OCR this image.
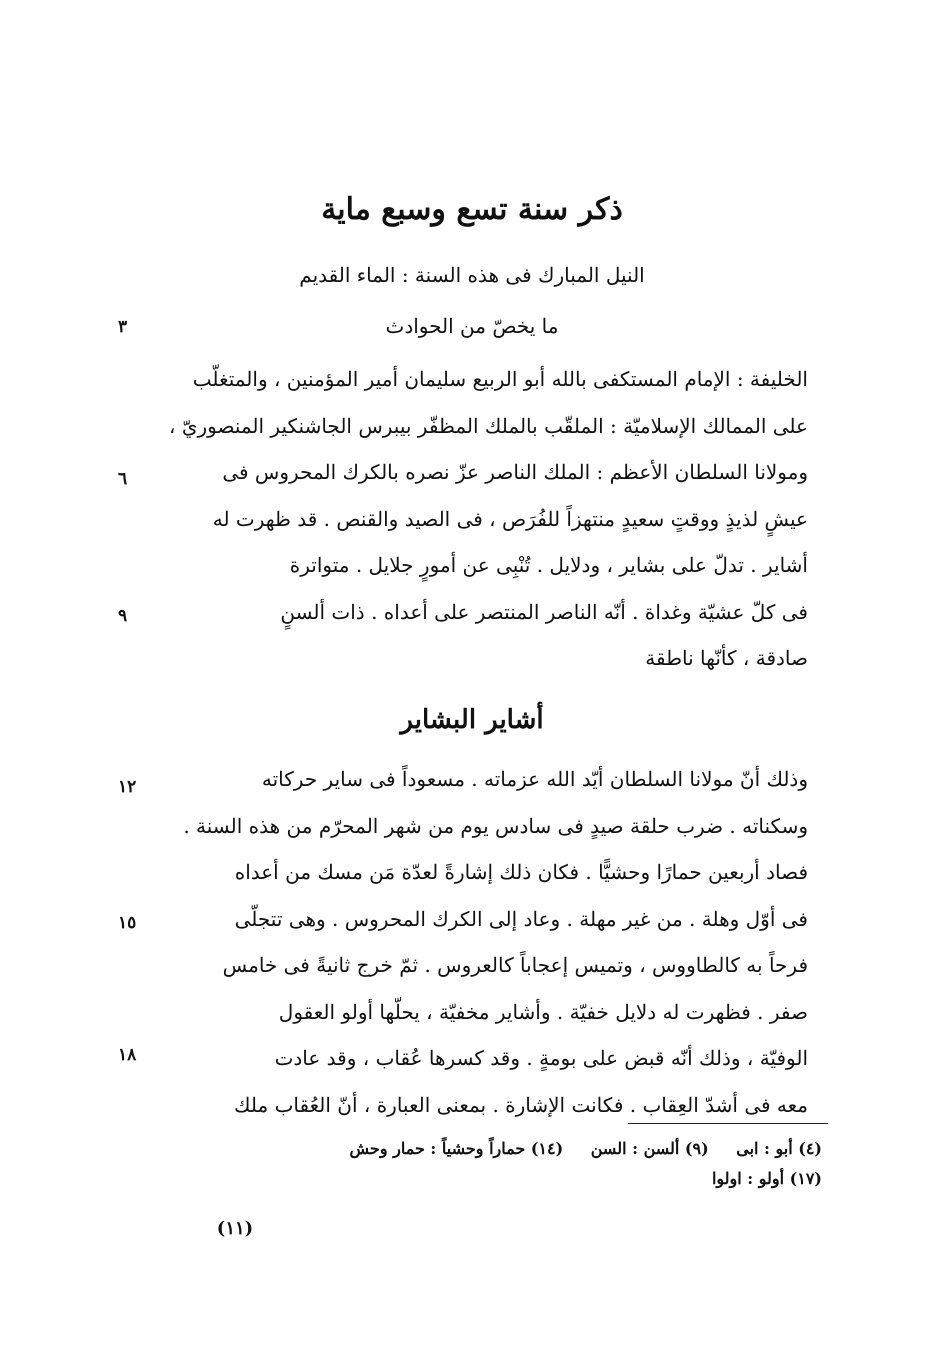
ذكر سنة تسع وسبع ماية
النيل المبارك فى هذه السنة : الماء القديم
ما يخصّ من الحوادث
٣
٦
٩
١٢
١٥
١٨
الخليفة : الإمام المستكفى بالله أبو الربيع سليمان أمير المؤمنين ، والمتغلّب
على الممالك الإسلاميّة : الملقّب بالملك المظفّر بيبرس الجاشنكير المنصوريّ ،
ومولانا السلطان الأعظم : الملك الناصر عزّ نصره بالكرك المحروس فى
عيشٍ لذيذٍ ووقتٍ سعيدٍ منتهزاً للفُرَص ، فى الصيد والقنص . قد ظهرت له
أشاير . تدلّ على بشاير ، ودلايل . تُنْبِى عن أمورٍ جلايل . متواترة
فى كلّ عشيّة وغداة . أنّه الناصر المنتصر على أعداه . ذات ألسنٍ
صادقة ، كأنّها ناطقة
أشاير البشاير
وذلك أنّ مولانا السلطان أيّد الله عزماته . مسعوداً فى ساير حركاته
وسكناته . ضرب حلقة صيدٍ فى سادس يوم من شهر المحرّم من هذه السنة .
فصاد أربعين حمارًا وحشيًّا . فكان ذلك إشارةً لعدّة مَن مسك من أعداه
فى أوّل وهلة . من غير مهلة . وعاد إلى الكرك المحروس . وهى تتجلّى
فرحاً به كالطاووس ، وتميس إعجاباً كالعروس . ثمّ خرج ثانيةً فى خامس
صفر . فظهرت له دلايل خفيّة . وأشاير مخفيّة ، يحلّها أولو العقول
الوفيّة ، وذلك أنّه قبض على بومةٍ . وقد كسرها عُقاب ، وقد عادت
معه فى أشدّ العِقاب . فكانت الإشارة . بمعنى العبارة ، أنّ العُقاب ملك
(٤) أبو : ابى (٩) ألسن : السن (١٤) حماراً وحشياً : حمار وحش
(١٧) أولو : اولوا
(١١)
